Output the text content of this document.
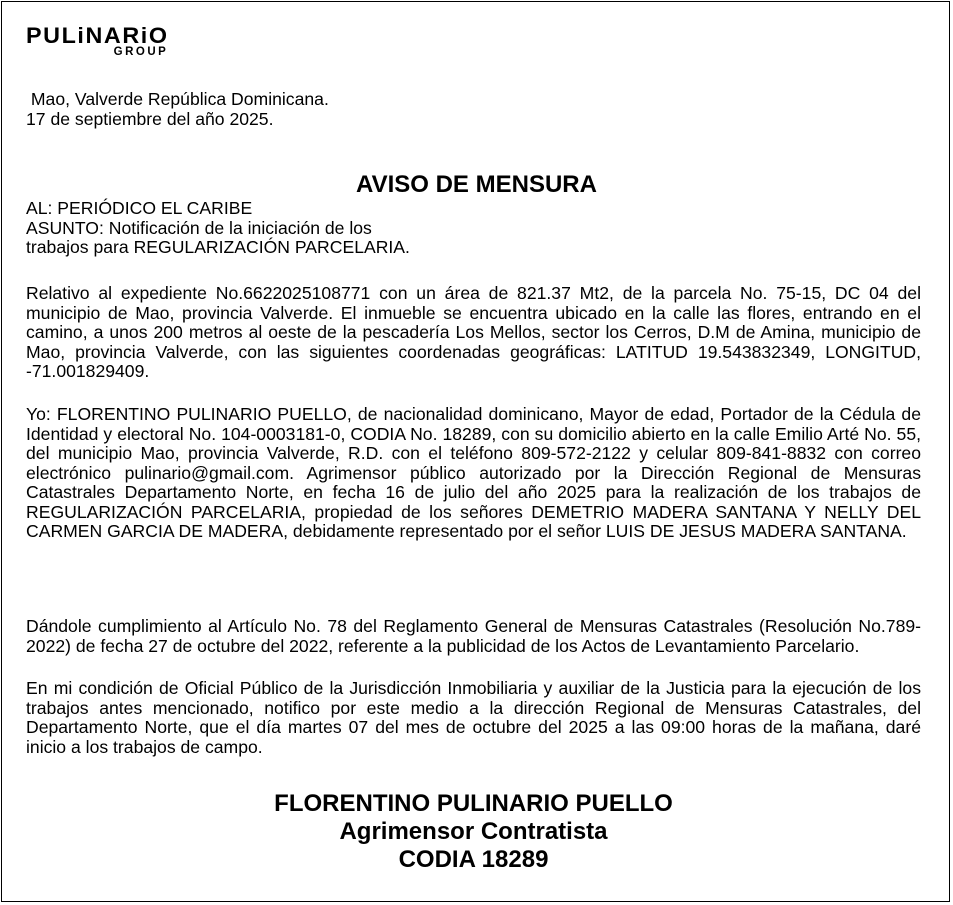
PULiNARiO
GROUP
Mao, Valverde República Dominicana.
17 de septiembre del año 2025.
AVISO DE MENSURA
AL: PERIÓDICO EL CARIBE
ASUNTO: Notificación de la iniciación de los
trabajos para REGULARIZACIÓN PARCELARIA.
Relativo al expediente No.6622025108771 con un área de 821.37 Mt2, de la parcela No. 75-15, DC 04 del municipio de Mao, provincia Valverde. El inmueble se encuentra ubicado en la calle las flores, entrando en el camino, a unos 200 metros al oeste de la pescadería Los Mellos, sector los Cerros, D.M de Amina, municipio de Mao, provincia Valverde, con las siguientes coordenadas geográficas: LATITUD 19.543832349, LONGITUD, -71.001829409.
Yo: FLORENTINO PULINARIO PUELLO, de nacionalidad dominicano, Mayor de edad, Portador de la Cédula de Identidad y electoral No. 104-0003181-0, CODIA No. 18289, con su domicilio abierto en la calle Emilio Arté No. 55, del municipio Mao, provincia Valverde, R.D. con el teléfono 809-572-2122 y celular 809-841-8832 con correo electrónico pulinario@gmail.com. Agrimensor público autorizado por la Dirección Regional de Mensuras Catastrales Departamento Norte, en fecha 16 de julio del año 2025 para la realización de los trabajos de REGULARIZACIÓN PARCELARIA, propiedad de los señores DEMETRIO MADERA SANTANA Y NELLY DEL CARMEN GARCIA DE MADERA, debidamente representado por el señor LUIS DE JESUS MADERA SANTANA.
Dándole cumplimiento al Artículo No. 78 del Reglamento General de Mensuras Catastrales (Resolución No.789-2022) de fecha 27 de octubre del 2022, referente a la publicidad de los Actos de Levantamiento Parcelario.
En mi condición de Oficial Público de la Jurisdicción Inmobiliaria y auxiliar de la Justicia para la ejecución de los trabajos antes mencionado, notifico por este medio a la dirección Regional de Mensuras Catastrales, del Departamento Norte, que el día martes 07 del mes de octubre del 2025 a las 09:00 horas de la mañana, daré inicio a los trabajos de campo.
FLORENTINO PULINARIO PUELLO
Agrimensor Contratista
CODIA 18289
